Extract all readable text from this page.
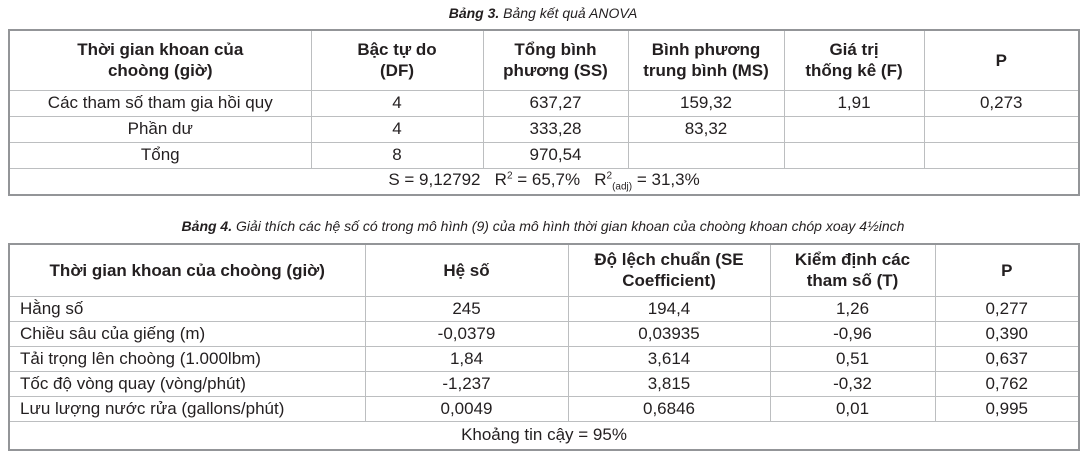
Bảng 3. Bảng kết quả ANOVA
Thời gian khoan của choòng (giờ)	Bậc tự do (DF)	Tổng bình phương (SS)	Bình phương trung bình (MS)	Giá trị thống kê (F)	P
Các tham số tham gia hồi quy	4	637,27	159,32	1,91	0,273
Phần dư	4	333,28	83,32		
Tổng	8	970,54			
S = 9,12792 $R^2 = 65,7\%$ $R^2_{(adj)} = 31,3\%$					
Bảng 4. Giải thích các hệ số có trong mô hình (9) của mô hình thời gian khoan của choòng khoan chóp xoay 4½inch
Thời gian khoan của choòng (giờ)	Hệ số	Độ lệch chuẩn (SE Coefficient)	Kiểm định các tham số (T)	P
Hằng số	245	194,4	1,26	0,277
Chiều sâu của giếng (m)	-0,0379	0,03935	-0,96	0,390
Tải trọng lên choòng (1.000lbm)	1,84	3,614	0,51	0,637
Tốc độ vòng quay (vòng/phút)	-1,237	3,815	-0,32	0,762
Lưu lượng nước rửa (gallons/phút)	0,0049	0,6846	0,01	0,995
Khoảng tin cậy = 95%				
